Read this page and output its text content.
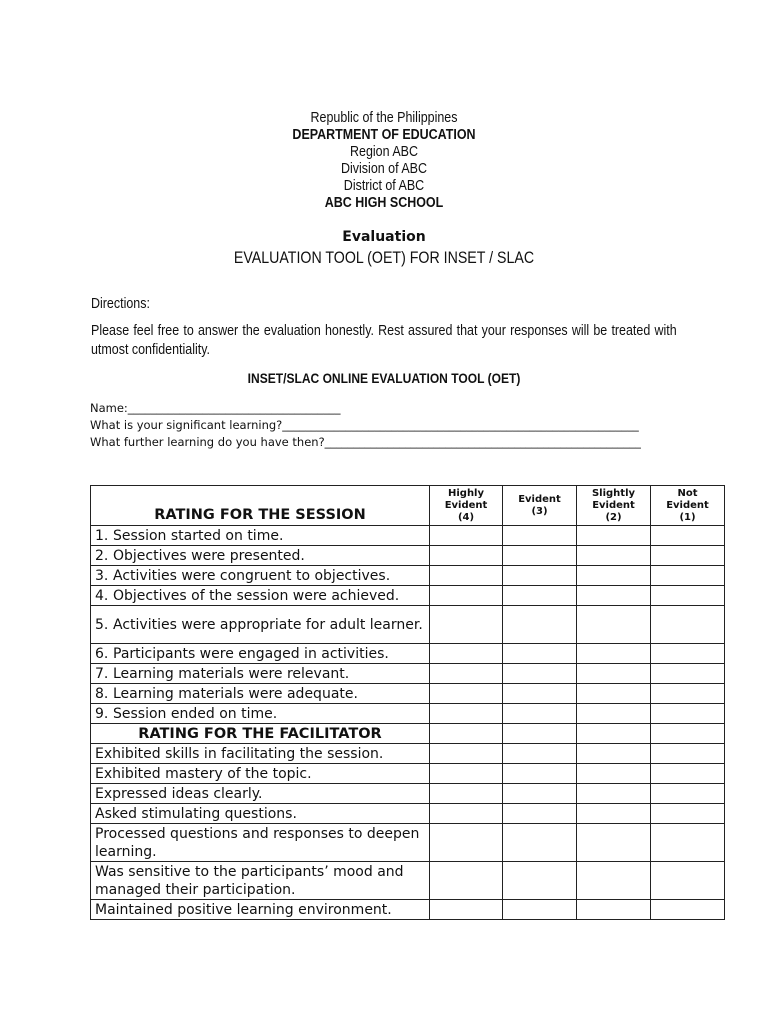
Republic of the Philippines
DEPARTMENT OF EDUCATION
Region ABC
Division of ABC
District of ABC
ABC HIGH SCHOOL
Evaluation
EVALUATION TOOL (OET) FOR INSET / SLAC
Directions:
Please feel free to answer the evaluation honestly. Rest assured that your responses will be treated with utmost confidentiality.
INSET/SLAC ONLINE EVALUATION TOOL (OET)
Name:_____________________________________
What is your significant learning?______________________________________________________________
What further learning do you have then?_______________________________________________________
RATING FOR THE SESSION	Highly Evident (4)	Evident (3)	Slightly Evident (2)	Not Evident (1)

1. Session started on time.				

2. Objectives were presented.				

3. Activities were congruent to objectives.				

4. Objectives of the session were achieved.				

5. Activities were appropriate for adult learner.				

6. Participants were engaged in activities.				

7. Learning materials were relevant.				

8. Learning materials were adequate.				

9. Session ended on time.				

RATING FOR THE FACILITATOR				
Exhibited skills in facilitating the session.				
Exhibited mastery of the topic.				
Expressed ideas clearly.				
Asked stimulating questions.				
Processed questions and responses to deepen learning.				
Was sensitive to the participants’ mood and managed their participation.				
Maintained positive learning environment.				
